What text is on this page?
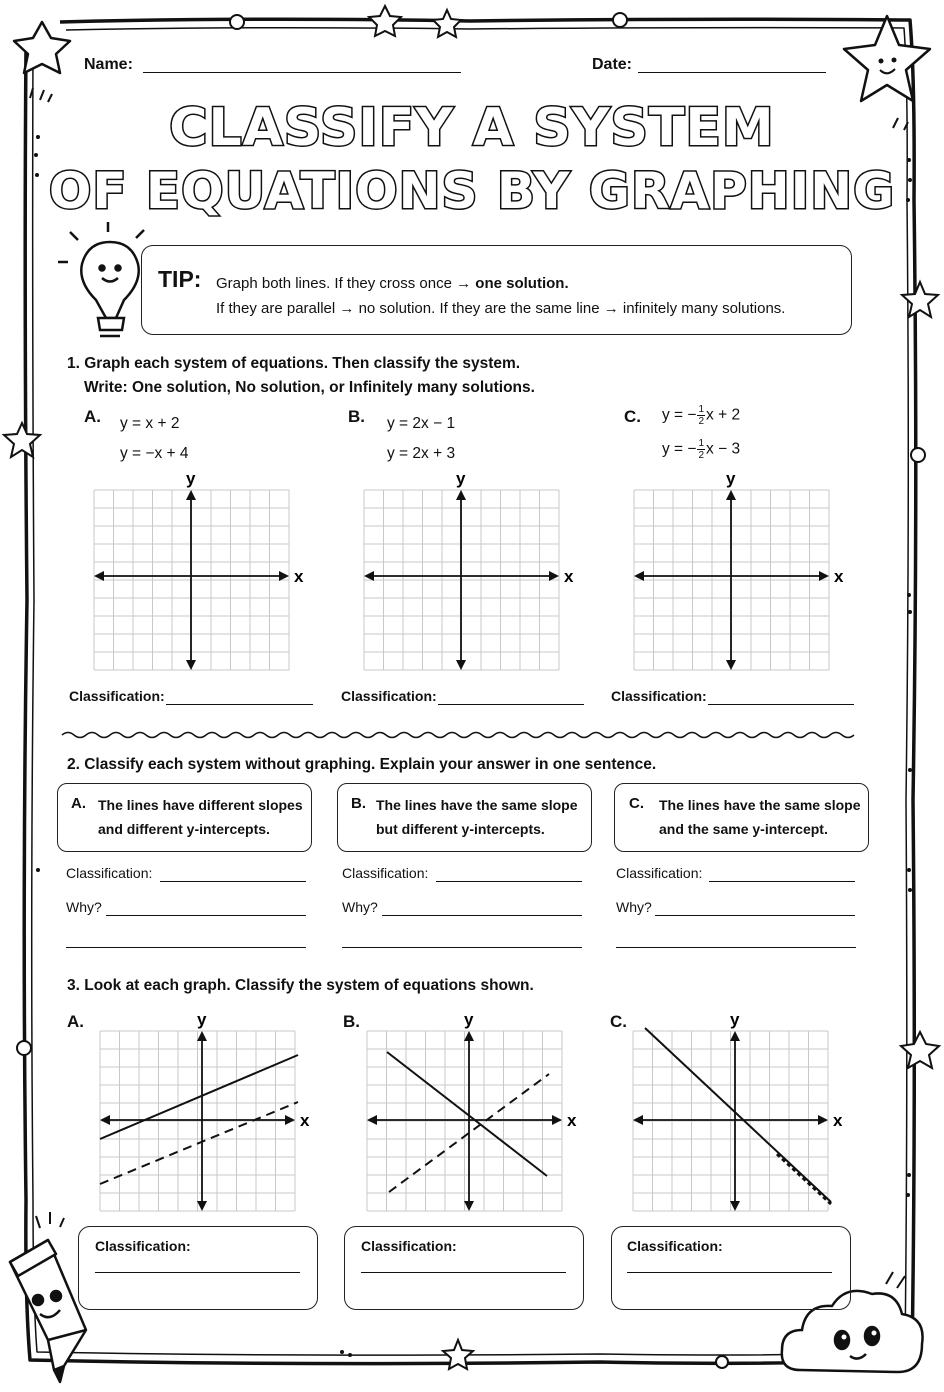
Name:	Date:
CLASSIFY A SYSTEM
OF EQUATIONS BY GRAPHING
TIP: Graph both lines. If they cross once → one solution.
If they are parallel → no solution. If they are the same line → infinitely many solutions.
1. Graph each system of equations. Then classify the system.
Write: One solution, No solution, or Infinitely many solutions.
A. y = x + 2
y = −x + 4
B. y = 2x − 1
y = 2x + 3
C. y = − $\frac{1}{2}$ x + 2
y = − $\frac{1}{2}$ x − 3
x
y
x
y
x
y
Classification:	Classification:	Classification:
2. Classify each system without graphing. Explain your answer in one sentence.
A. The lines have different slopes
and different y-intercepts.
B. The lines have the same slope
but different y-intercepts.
C. The lines have the same slope
and the same y-intercept.
Classification:
Why?
Classification:
Why?
Classification:
Why?
3. Look at each graph. Classify the system of equations shown.
A.	B.	C.
x
y
x
y
x
y
Classification:	Classification:	Classification:
